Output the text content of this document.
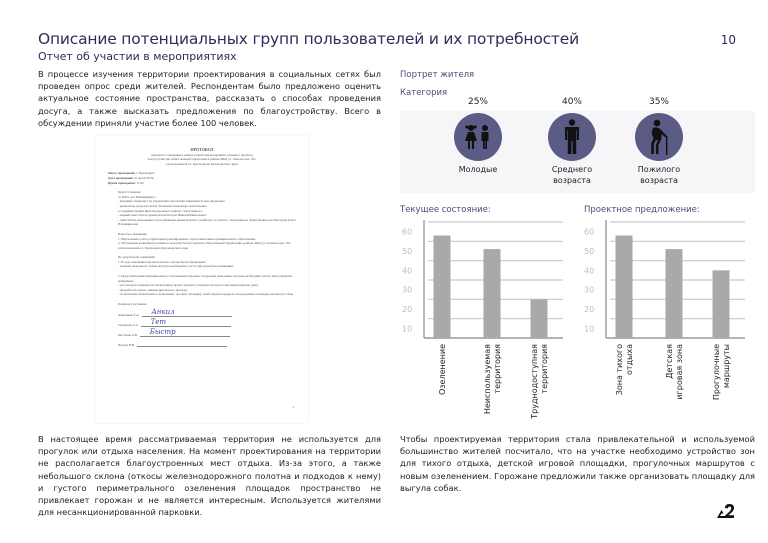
Описание потенциальных групп пользователей и их потребностей
Отчет об участии в мероприятиях
10

В процессе изучения территории проектирования в социальных сетях был проведен опрос среди жителей. Респондентам было предложено оценить актуальное состояние пространства, рассказать о способах проведения досуга, а также высказать предложения по благоустройству. Всего в обсуждении приняли участие более 100 человек.

ПРОТОКОЛ

выездного совещания в рамках разработки концепции (эскизного проекта)

благоустройства общественной территории в районе МКД ул. Ломоносова, 102,

расположенной в г. Красноярске Красноярского края

Место проведения: г. Красноярск

Дата проведения: 01 июля 2025г.

Время проведения: 11:00

Присутствовали:

от ООО «А2 Инжиниринг»:

- ведущий специалист по управлению проектами Анкилиева Елена Андреевна

- архитектор-градостроитель Тетенкова Александра Анатольевна

от Администрации Железнодорожного района г. Красноярска:

- первый заместитель руководителя Петров Николай Николаевич

- заместитель начальника отдела жилищно-коммунального хозяйства, по работе с населением и общественностью Быстрова Ольга Владимировна

Повестка совещания:

1. Визуальный осмотр территории проектирования с представителями муниципального образования.

2. Обсуждение концепции (эскизного проекта) благоустройства общественной территории в районе МКД ул. Ломоносова, 102, расположенной в г. Красноярск Красноярского края

По результатам совещания:

1. В ходе совещания при визуальном осмотре были обнаружены:

- наличие подпорной стенки, которую необходимо учесть при разработке концепции.

2. Представителями муниципального образования озвучены следующие пожелания, которые необходимо учесть при разработке концепции:

- рассмотреть возможность включения в проект ремонта основного прохода к многоквартирному дому;

- проработать вопрос ликвидации второго прохода;

- по возможности включить в концепцию: детскую площадку, скейт-парк/роллердром, велодорожки, площадки для выгула собак.

Подписи участников:

Анкилиева Е.А. Анкил
Тетенкова А.А. Тет
Быстрова О.В. Быстр
Петров Н.Н.
1
Портрет жителя
Категория
25%
Молодые
40%
Среднего возраста
35%
Пожилого возраста
Текущее состояние:
10
20
30
40
50
60
Озеленение	Неиспользуемая территория	Труднодоступная территория
Проектное предложение:
10
20
30
40
50
60
Зона тихого отдыха	Детская игровая зона	Прогулочные маршруты

В настоящее время рассматриваемая территория не используется для прогулок или отдыха населения. На момент проектирования на территории не располагается благоустроенных мест отдыха. Из-за этого, а также небольшого склона (откосы железнодорожного полотна и подходов к нему) и густого периметрального озеленения площадок пространство не привлекает горожан и не является интересным. Используется жителями для несанкционированной парковки.

Чтобы проектируемая территория стала привлекательной и используемой большинство жителей посчитало, что на участке необходимо устройство зон для тихого отдыха, детской игровой площадки, прогулочных маршрутов с новым озеленением. Горожане предложили также организовать площадку для выгула собак.
